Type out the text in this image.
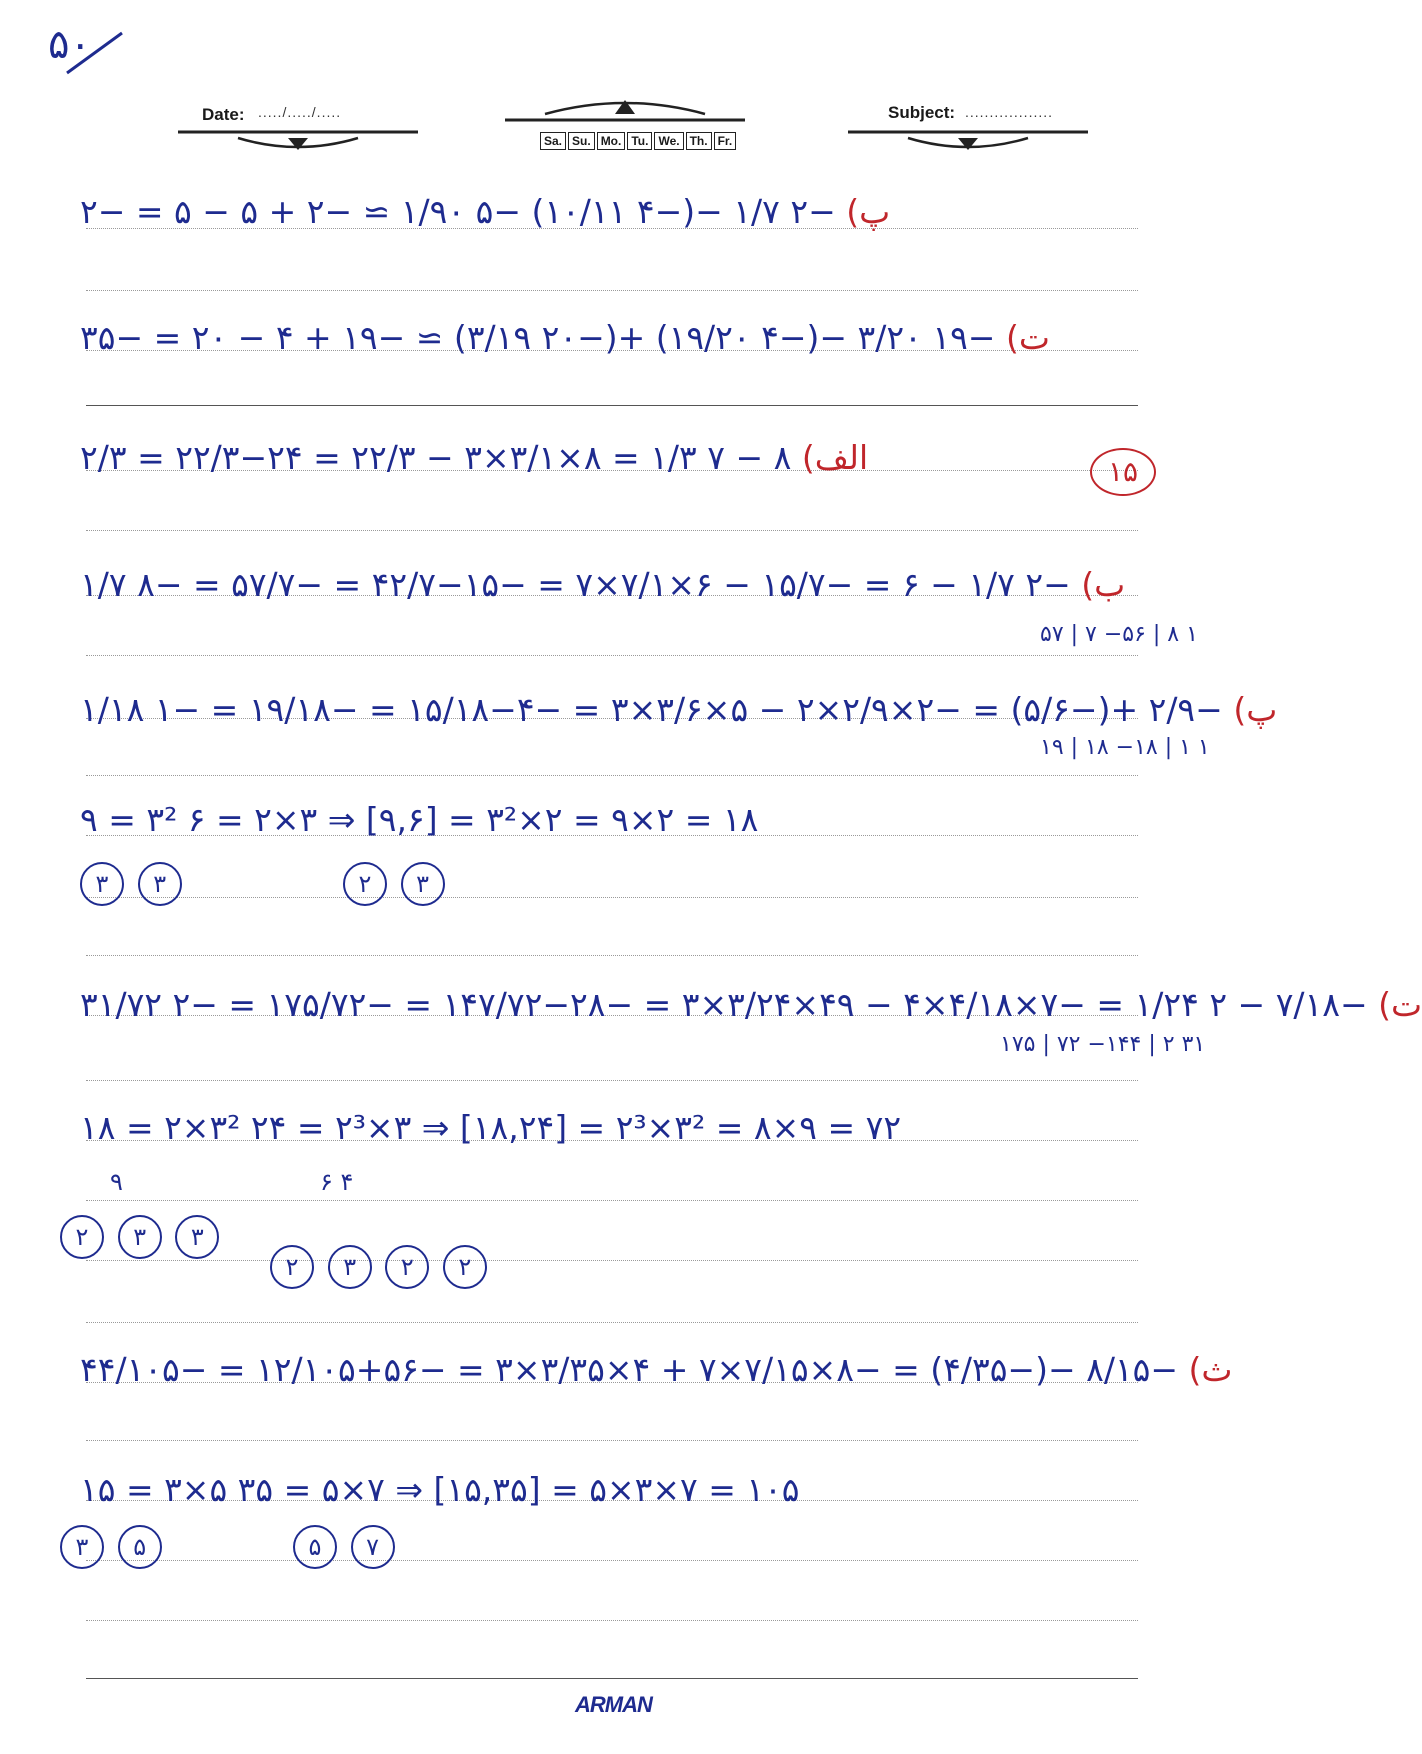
۵۰
Date: ...../...../.....
Sa. Su. Mo. Tu. We. Th. Fr.
Subject: ..................
۱۵
پ) −۲ ۱/۷ −(−۴ ۱۰/۱۱) −۵ ۱/۹۰ ≃ −۲ + ۵ − ۵ = −۲
ت) −۱۹ ۳/۲۰ −(−۴ ۱۹/۲۰) +(−۲۰ ۳/۱۹) ≃ −۱۹ + ۴ − ۲۰ = −۳۵
الف) ۸ − ۷ ۱/۳ = ۸×۳/۱×۳ − ۲۲/۳ = ۲۴−۲۲/۳ = ۲/۳
ب) −۲ ۱/۷ − ۶ = −۱۵/۷ − ۶×۷/۱×۷ = −۱۵−۴۲/۷ = −۵۷/۷ = −۸ ۱/۷
پ) −۲/۹ +(−۵/۶) = −۲×۲/۹×۲ − ۵×۳/۶×۳ = −۴−۱۵/۱۸ = −۱۹/۱۸ = −۱ ۱/۱۸
۹ = ۳² ۶ = ۲×۳ ⇒ [۹,۶] = ۳²×۲ = ۹×۲ = ۱۸
ت) −۷/۱۸ − ۲ ۱/۲۴ = −۷×۴/۱۸×۴ − ۴۹×۳/۲۴×۳ = −۲۸−۱۴۷/۷۲ = −۱۷۵/۷۲ = −۲ ۳۱/۷۲
۱۸ = ۲×۳² ۲۴ = ۲³×۳ ⇒ [۱۸,۲۴] = ۲³×۳² = ۸×۹ = ۷۲
ث) −۸/۱۵ −(−۴/۳۵) = −۸×۷/۱۵×۷ + ۴×۳/۳۵×۳ = −۵۶+۱۲/۱۰۵ = −۴۴/۱۰۵
۱۵ = ۳×۵ ۳۵ = ۵×۷ ⇒ [۱۵,۳۵] = ۵×۳×۷ = ۱۰۵
۵۷ | ۷ −۵۶ | ۸ ۱
۱۹ | ۱۸ −۱۸ | ۱ ۱
۱۷۵ | ۷۲ −۱۴۴ | ۲ ۳۱
۳ ۳	۲ ۳
۹
۲ ۳ ۳
۶ ۴
۲ ۳ ۲ ۲
۳ ۵	۵ ۷
ARMAN
